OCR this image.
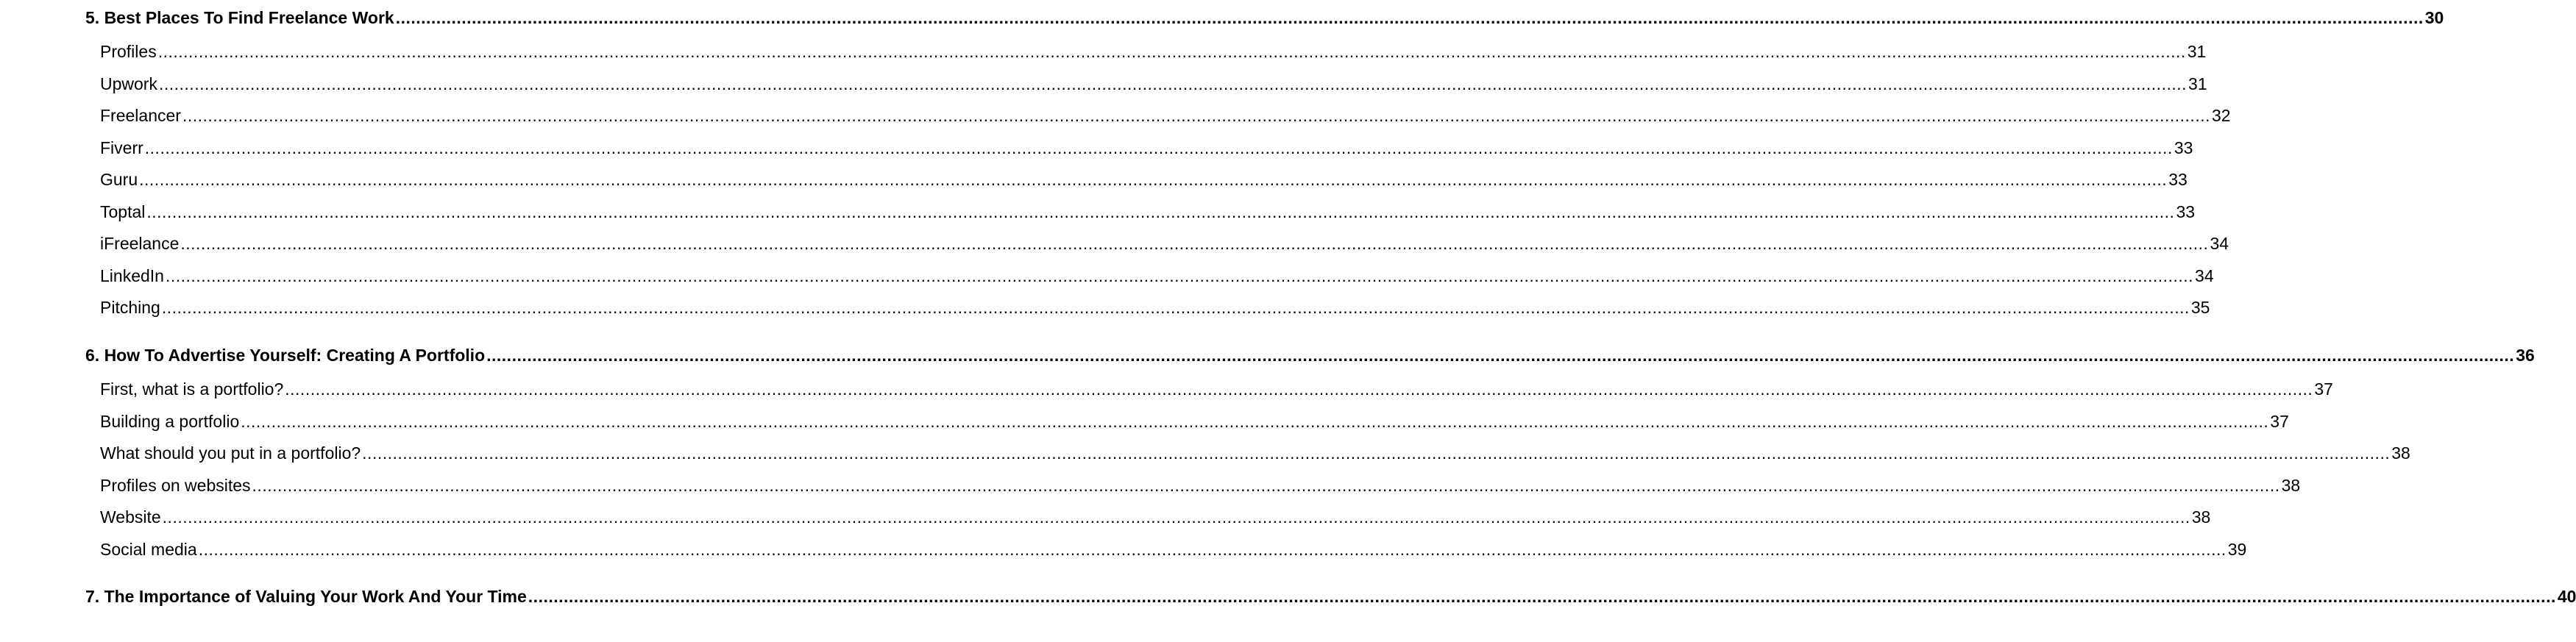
5. Best Places To Find Freelance Work ................................................................................................................................................................................................................................................................................................................................................................................................................ 30
Profiles ................................................................................................................................................................................................................................................................................................................................................................................................................ 31
Upwork ................................................................................................................................................................................................................................................................................................................................................................................................................ 31
Freelancer ................................................................................................................................................................................................................................................................................................................................................................................................................ 32
Fiverr ................................................................................................................................................................................................................................................................................................................................................................................................................ 33
Guru ................................................................................................................................................................................................................................................................................................................................................................................................................ 33
Toptal ................................................................................................................................................................................................................................................................................................................................................................................................................ 33
iFreelance ................................................................................................................................................................................................................................................................................................................................................................................................................ 34
LinkedIn ................................................................................................................................................................................................................................................................................................................................................................................................................ 34
Pitching ................................................................................................................................................................................................................................................................................................................................................................................................................ 35
6. How To Advertise Yourself: Creating A Portfolio ................................................................................................................................................................................................................................................................................................................................................................................................................ 36
First, what is a portfolio? ................................................................................................................................................................................................................................................................................................................................................................................................................ 37
Building a portfolio ................................................................................................................................................................................................................................................................................................................................................................................................................ 37
What should you put in a portfolio? ................................................................................................................................................................................................................................................................................................................................................................................................................ 38
Profiles on websites ................................................................................................................................................................................................................................................................................................................................................................................................................ 38
Website ................................................................................................................................................................................................................................................................................................................................................................................................................ 38
Social media ................................................................................................................................................................................................................................................................................................................................................................................................................ 39
7. The Importance of Valuing Your Work And Your Time ................................................................................................................................................................................................................................................................................................................................................................................................................ 40
